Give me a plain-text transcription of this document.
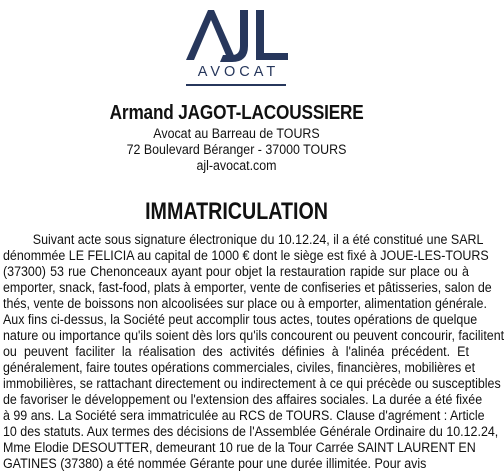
AVOCAT
Armand JAGOT-LACOUSSIERE
Avocat au Barreau de TOURS
72 Boulevard Béranger - 37000 TOURS
ajl-avocat.com
IMMATRICULATION
Suivant acte sous signature électronique du 10.12.24, il a été constitué une SARL
dénommée LE FELICIA au capital de 1000 € dont le siège est fixé à JOUE-LES-TOURS
(37300) 53 rue Chenonceaux ayant pour objet la restauration rapide sur place ou à
emporter, snack, fast-food, plats à emporter, vente de confiseries et pâtisseries, salon de
thés, vente de boissons non alcoolisées sur place ou à emporter, alimentation générale.
Aux fins ci-dessus, la Société peut accomplir tous actes, toutes opérations de quelque
nature ou importance qu'ils soient dès lors qu'ils concourent ou peuvent concourir, facilitent
ou peuvent faciliter la réalisation des activités définies à l'alinéa précédent. Et
généralement, faire toutes opérations commerciales, civiles, financières, mobilières et
immobilières, se rattachant directement ou indirectement à ce qui précède ou susceptibles
de favoriser le développement ou l'extension des affaires sociales. La durée a été fixée
à 99 ans. La Société sera immatriculée au RCS de TOURS. Clause d'agrément : Article
10 des statuts. Aux termes des décisions de l'Assemblée Générale Ordinaire du 10.12.24,
Mme Elodie DESOUTTER, demeurant 10 rue de la Tour Carrée SAINT LAURENT EN
GATINES (37380) a été nommée Gérante pour une durée illimitée. Pour avis
